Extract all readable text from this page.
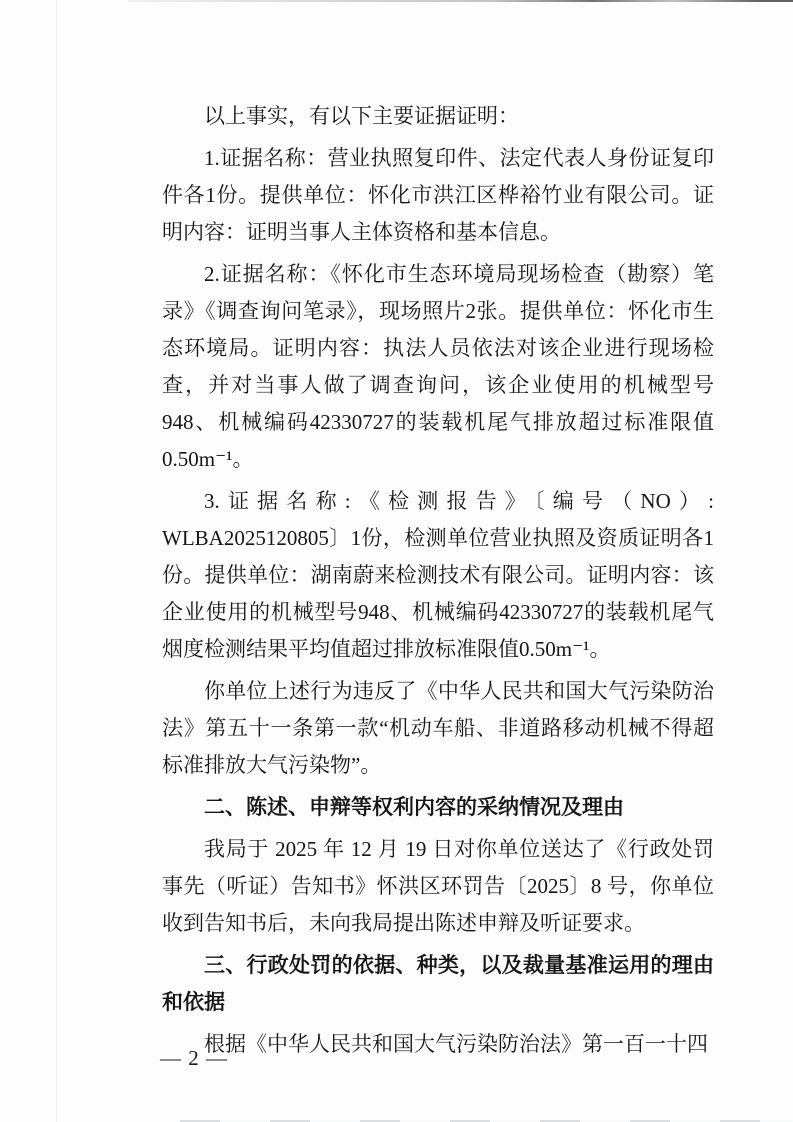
以上事实，有以下主要证据证明：

1.证据名称：营业执照复印件、法定代表人身份证复印件各1份。提供单位：怀化市洪江区桦裕竹业有限公司。证明内容：证明当事人主体资格和基本信息。

2.证据名称：《怀化市生态环境局现场检查（勘察）笔录》《调查询问笔录》，现场照片2张。提供单位：怀化市生态环境局。证明内容：执法人员依法对该企业进行现场检查，并对当事人做了调查询问，该企业使用的机械型号948、机械编码42330727的装载机尾气排放超过标准限值0.50m⁻¹。

3.证据名称:《检测报告》〔编号（NO）: WLBA2025120805〕1份，检测单位营业执照及资质证明各1份。提供单位：湖南蔚来检测技术有限公司。证明内容：该企业使用的机械型号948、机械编码42330727的装载机尾气烟度检测结果平均值超过排放标准限值0.50m⁻¹。

你单位上述行为违反了《中华人民共和国大气污染防治法》第五十一条第一款“机动车船、非道路移动机械不得超标准排放大气污染物”。

二、陈述、申辩等权利内容的采纳情况及理由

我局于 2025 年 12 月 19 日对你单位送达了《行政处罚事先（听证）告知书》怀洪区环罚告〔2025〕8 号，你单位收到告知书后，未向我局提出陈述申辩及听证要求。

三、行政处罚的依据、种类，以及裁量基准运用的理由和依据

根据《中华人民共和国大气污染防治法》第一百一十四

— 2 —
